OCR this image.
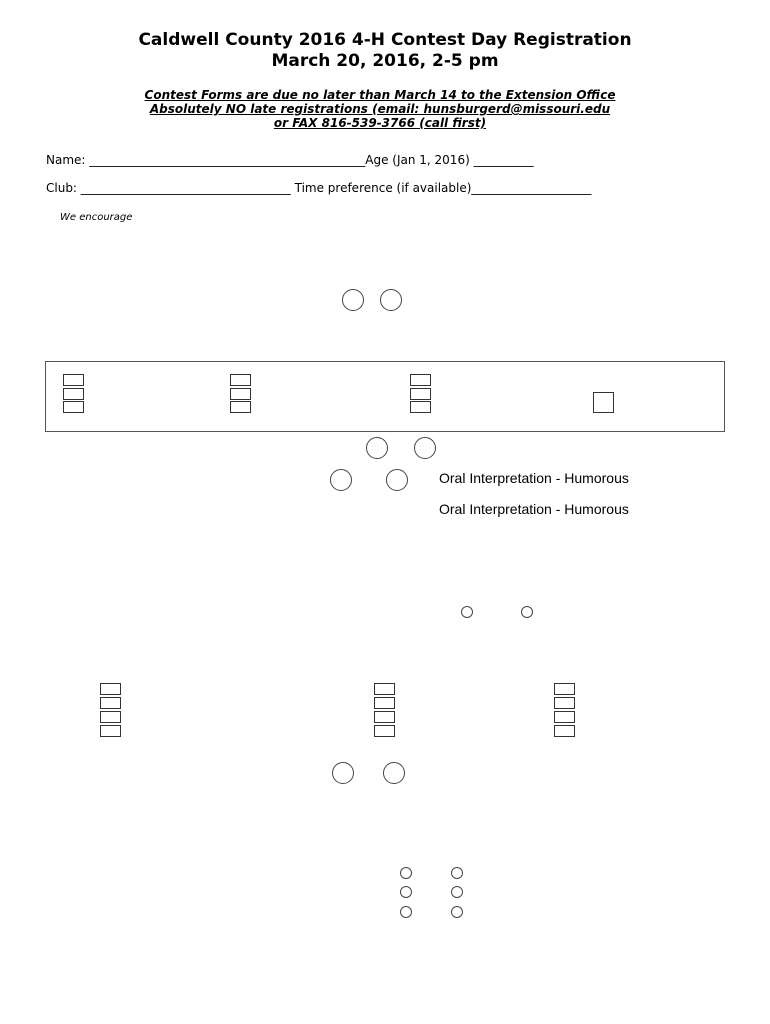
Caldwell County 2016 4-H Contest Day Registration
March 20, 2016, 2-5 pm
Contest Forms are due no later than March 14 to the Extension Office
Absolutely NO late registrations (email: hunsburgerd@missouri.edu
or FAX 816-539-3766 (call first)
Name: ______________________________________________Age (Jan 1, 2016) __________
Club: ___________________________________ Time preference (if available)____________________
We encourage
Oral Interpretation - Humorous
Oral Interpretation - Humorous
